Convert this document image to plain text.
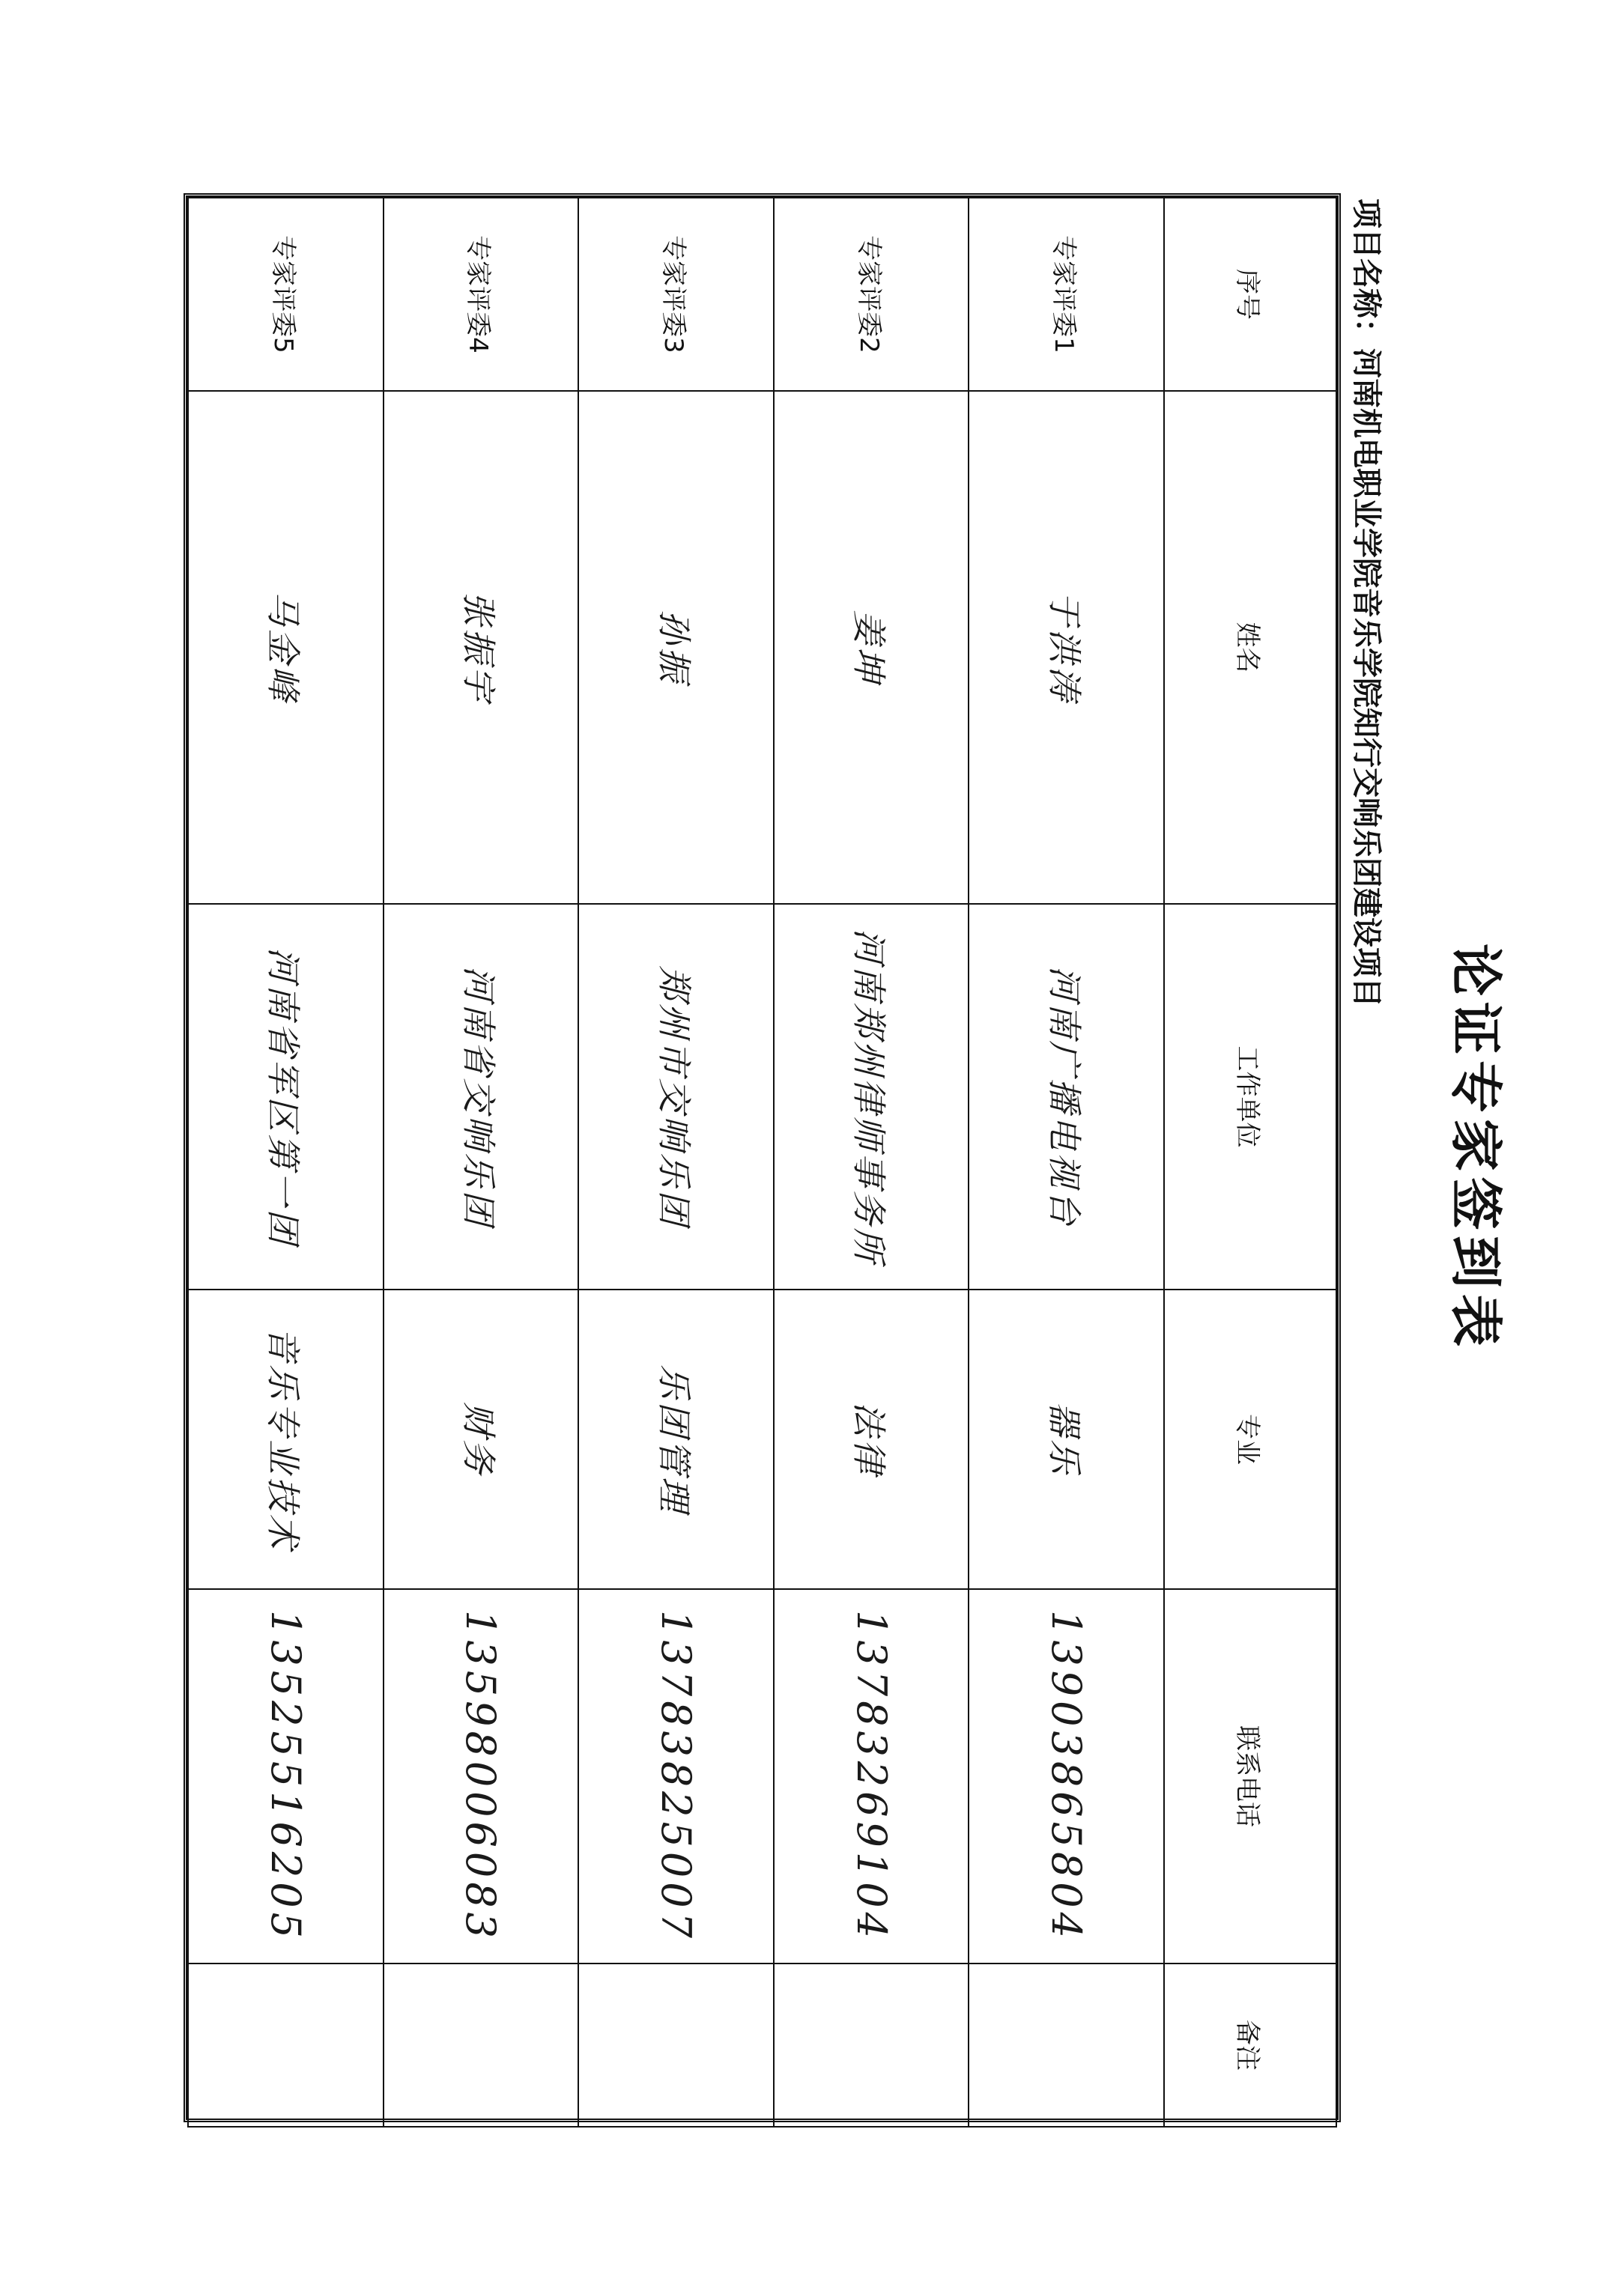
论证专家签到表
项目名称：河南机电职业学院音乐学院知行交响乐团建设项目
序号	姓名	工作单位	专业	联系电话	备注
专家评委1	于洪涛	河南广播电视台	器乐	13903865804	
专家评委2	姜坤	河南郑州律师事务所	法律	13783269104	
专家评委3	孙振	郑州市交响乐团	乐团管理	13783825007	
专家评委4	张振宇	河南省交响乐团	财务	13598006083	
专家评委5	马金峰	河南省军区第一团	音乐专业技术	13525516205	
